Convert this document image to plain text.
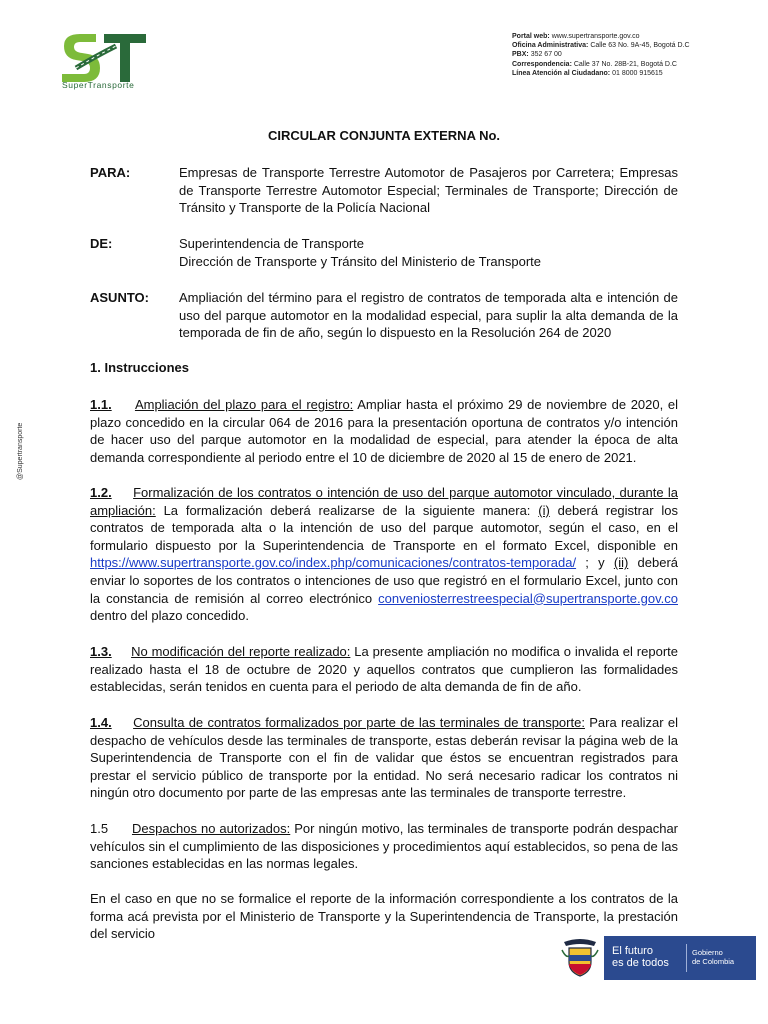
SuperTransporte
Portal web: www.supertransporte.gov.co
Oficina Administrativa: Calle 63 No. 9A-45, Bogotá D.C
PBX: 352 67 00
Correspondencia: Calle 37 No. 28B-21, Bogotá D.C
Línea Atención al Ciudadano: 01 8000 915615
@Supertransporte
CIRCULAR CONJUNTA EXTERNA No.
PARA:	Empresas de Transporte Terrestre Automotor de Pasajeros por Carretera; Empresas de Transporte Terrestre Automotor Especial; Terminales de Transporte; Dirección de Tránsito y Transporte de la Policía Nacional
DE:	Superintendencia de Transporte
Dirección de Transporte y Tránsito del Ministerio de Transporte
ASUNTO: Ampliación del término para el registro de contratos de temporada alta e intención de uso del parque automotor en la modalidad especial, para suplir la alta demanda de la temporada de fin de año, según lo dispuesto en la Resolución 264 de 2020
1. Instrucciones
1.1. Ampliación del plazo para el registro: Ampliar hasta el próximo 29 de noviembre de 2020, el plazo concedido en la circular 064 de 2016 para la presentación oportuna de contratos y/o intención de hacer uso del parque automotor en la modalidad de especial, para atender la época de alta demanda correspondiente al periodo entre el 10 de diciembre de 2020 al 15 de enero de 2021.
1.2. Formalización de los contratos o intención de uso del parque automotor vinculado, durante la ampliación: La formalización deberá realizarse de la siguiente manera: (i) deberá registrar los contratos de temporada alta o la intención de uso del parque automotor, según el caso, en el formulario dispuesto por la Superintendencia de Transporte en el formato Excel, disponible en https://www.supertransporte.gov.co/index.php/comunicaciones/contratos-temporada/ ; y (ii) deberá enviar lo soportes de los contratos o intenciones de uso que registró en el formulario Excel, junto con la constancia de remisión al correo electrónico conveniosterrestreespecial@supertransporte.gov.co dentro del plazo concedido.
1.3. No modificación del reporte realizado: La presente ampliación no modifica o invalida el reporte realizado hasta el 18 de octubre de 2020 y aquellos contratos que cumplieron las formalidades establecidas, serán tenidos en cuenta para el periodo de alta demanda de fin de año.
1.4. Consulta de contratos formalizados por parte de las terminales de transporte: Para realizar el despacho de vehículos desde las terminales de transporte, estas deberán revisar la página web de la Superintendencia de Transporte con el fin de validar que éstos se encuentran registrados para prestar el servicio público de transporte por la entidad. No será necesario radicar los contratos ni ningún otro documento por parte de las empresas ante las terminales de transporte terrestre.
1.5 Despachos no autorizados: Por ningún motivo, las terminales de transporte podrán despachar vehículos sin el cumplimiento de las disposiciones y procedimientos aquí establecidos, so pena de las sanciones establecidas en las normas legales.
En el caso en que no se formalice el reporte de la información correspondiente a los contratos de la forma acá prevista por el Ministerio de Transporte y la Superintendencia de Transporte, la prestación del servicio
El futuro
es de todos
Gobierno
de Colombia
